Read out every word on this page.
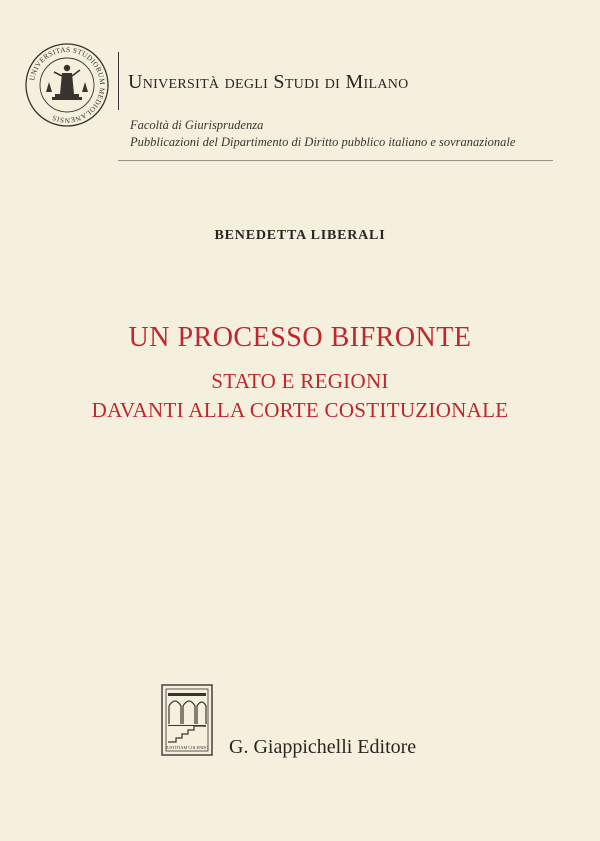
UNIVERSITAS STUDIORUM MEDIOLANENSIS
Università degli Studi di Milano
Facoltà di Giurisprudenza
Pubblicazioni del Dipartimento di Diritto pubblico italiano e sovranazionale
BENEDETTA LIBERALI
UN PROCESSO BIFRONTE
STATO E REGIONI
DAVANTI ALLA CORTE COSTITUZIONALE
IUSTITIAM COLENDO G. Giappichelli Editore
